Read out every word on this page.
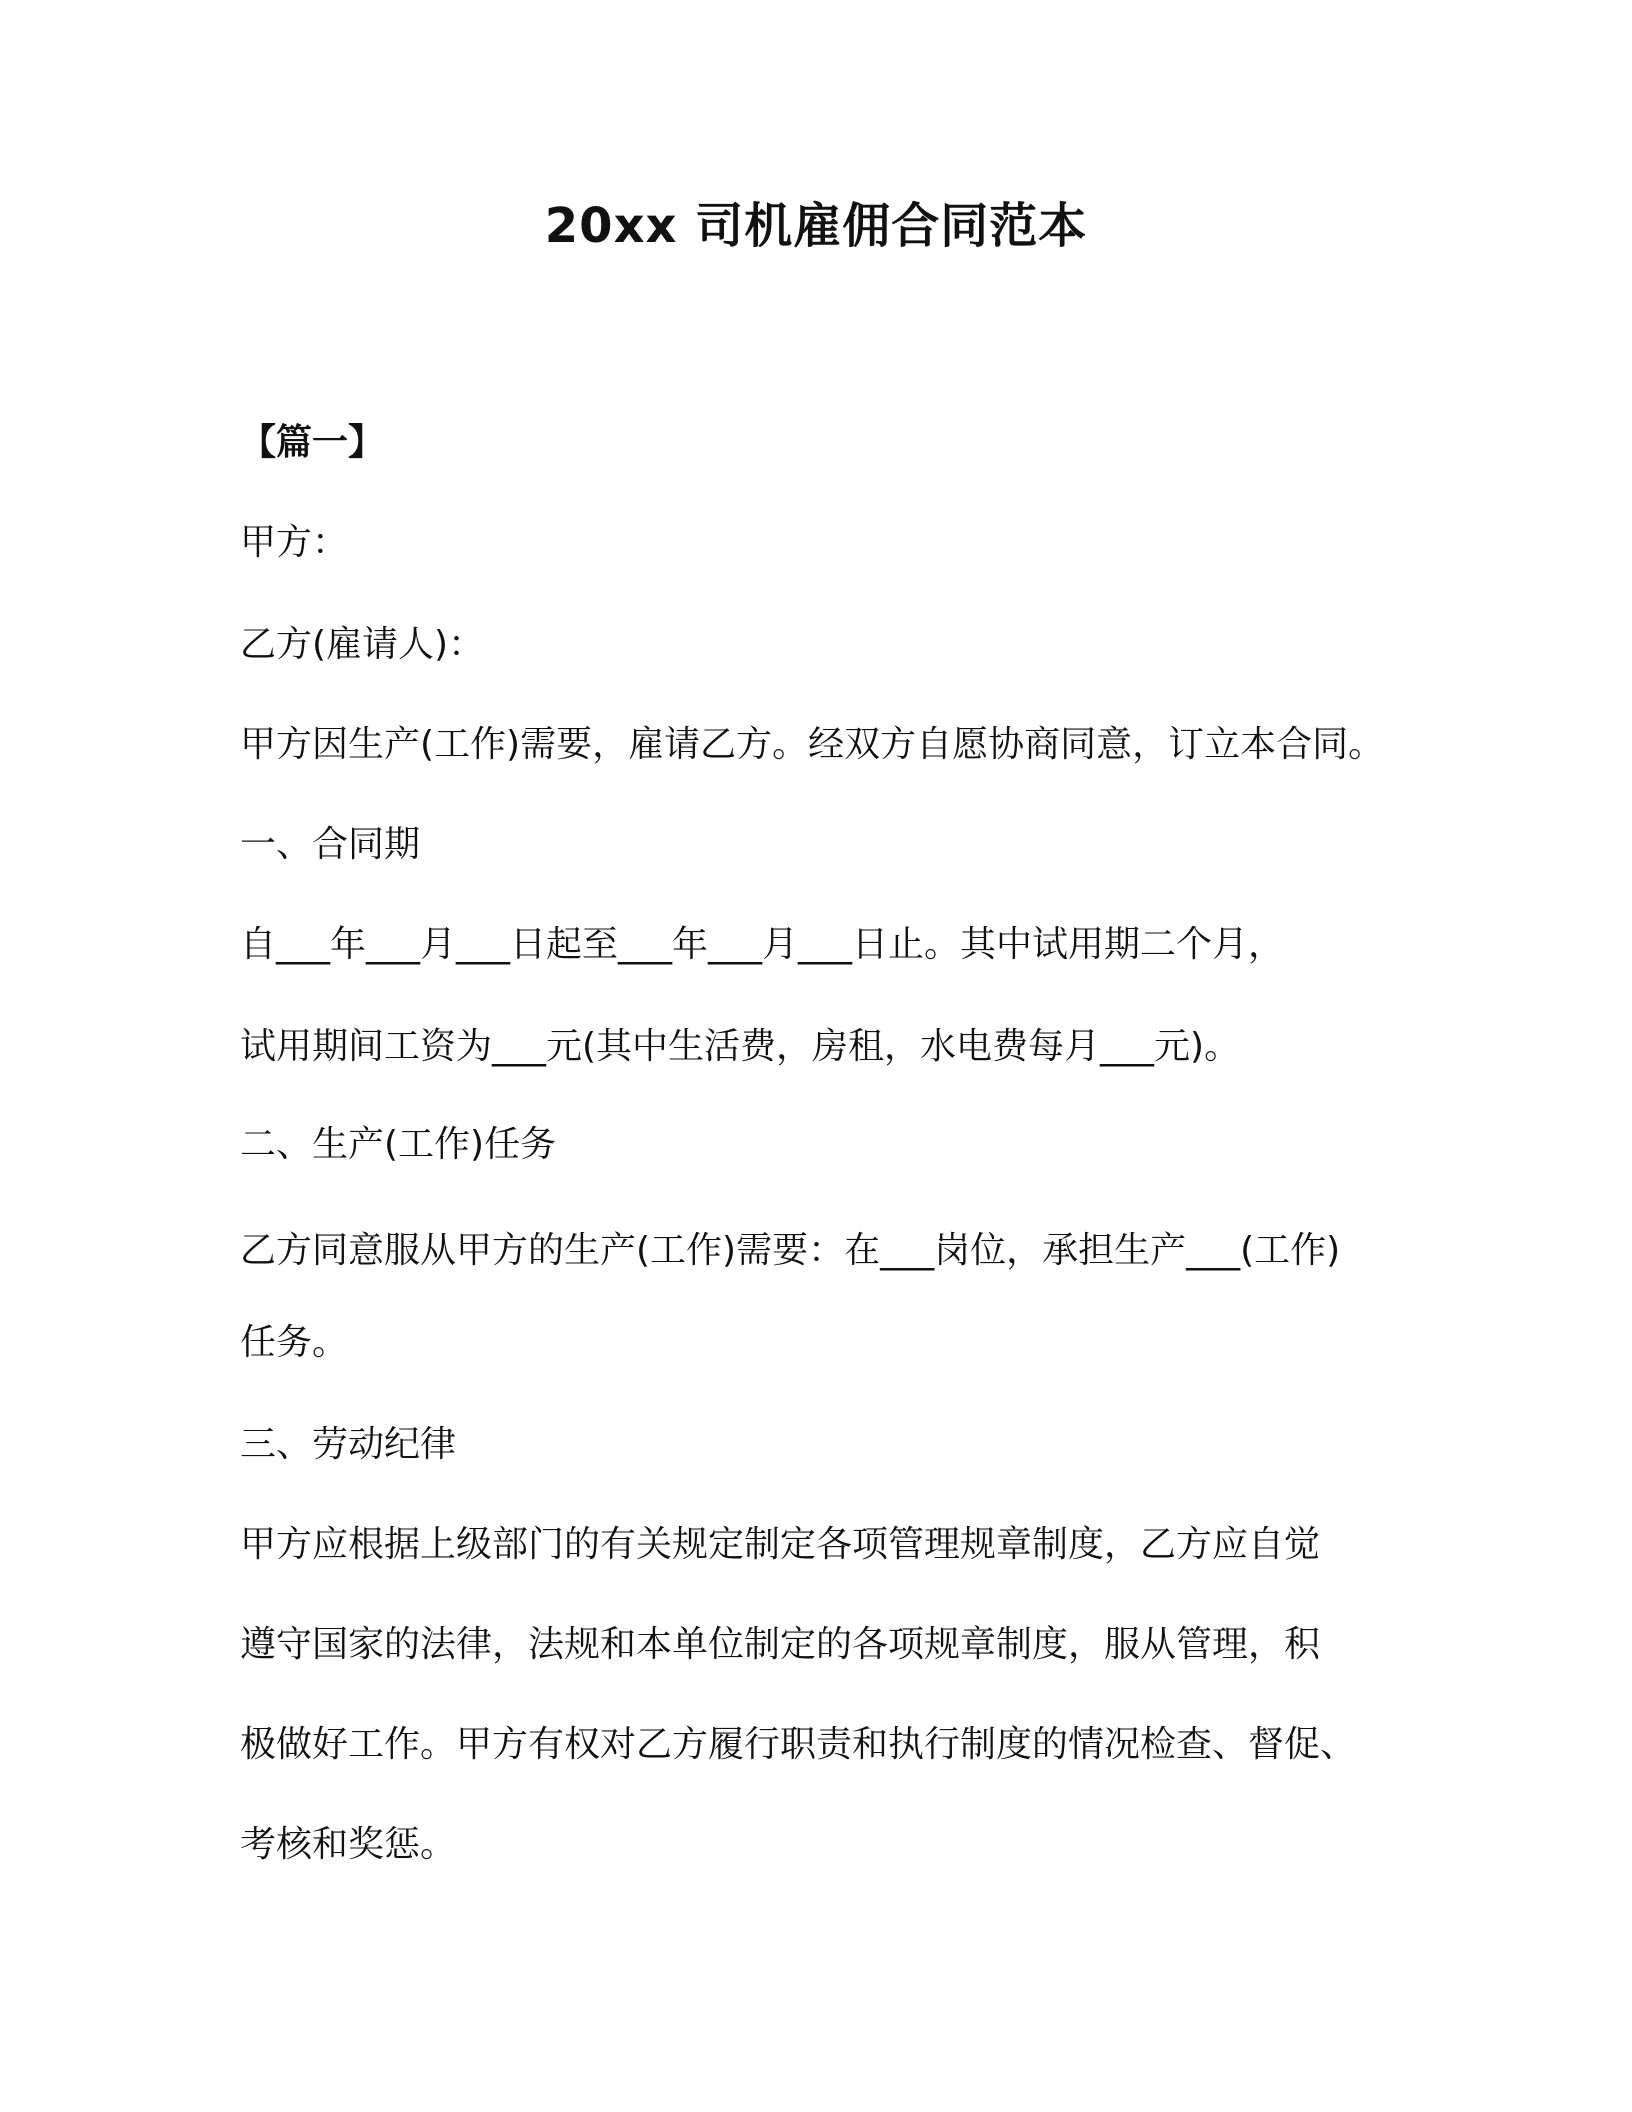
20xx 司机雇佣合同范本
【篇一】
甲方：
乙方(雇请人)：
甲方因生产(工作)需要，雇请乙方。经双方自愿协商同意，订立本合同。
一、合同期
自___年___月___日起至___年___月___日止。其中试用期二个月，
试用期间工资为___元(其中生活费，房租，水电费每月___元)。
二、生产(工作)任务
乙方同意服从甲方的生产(工作)需要：在___岗位，承担生产___(工作)
任务。
三、劳动纪律
甲方应根据上级部门的有关规定制定各项管理规章制度，乙方应自觉
遵守国家的法律，法规和本单位制定的各项规章制度，服从管理，积
极做好工作。甲方有权对乙方履行职责和执行制度的情况检查、督促、
考核和奖惩。
